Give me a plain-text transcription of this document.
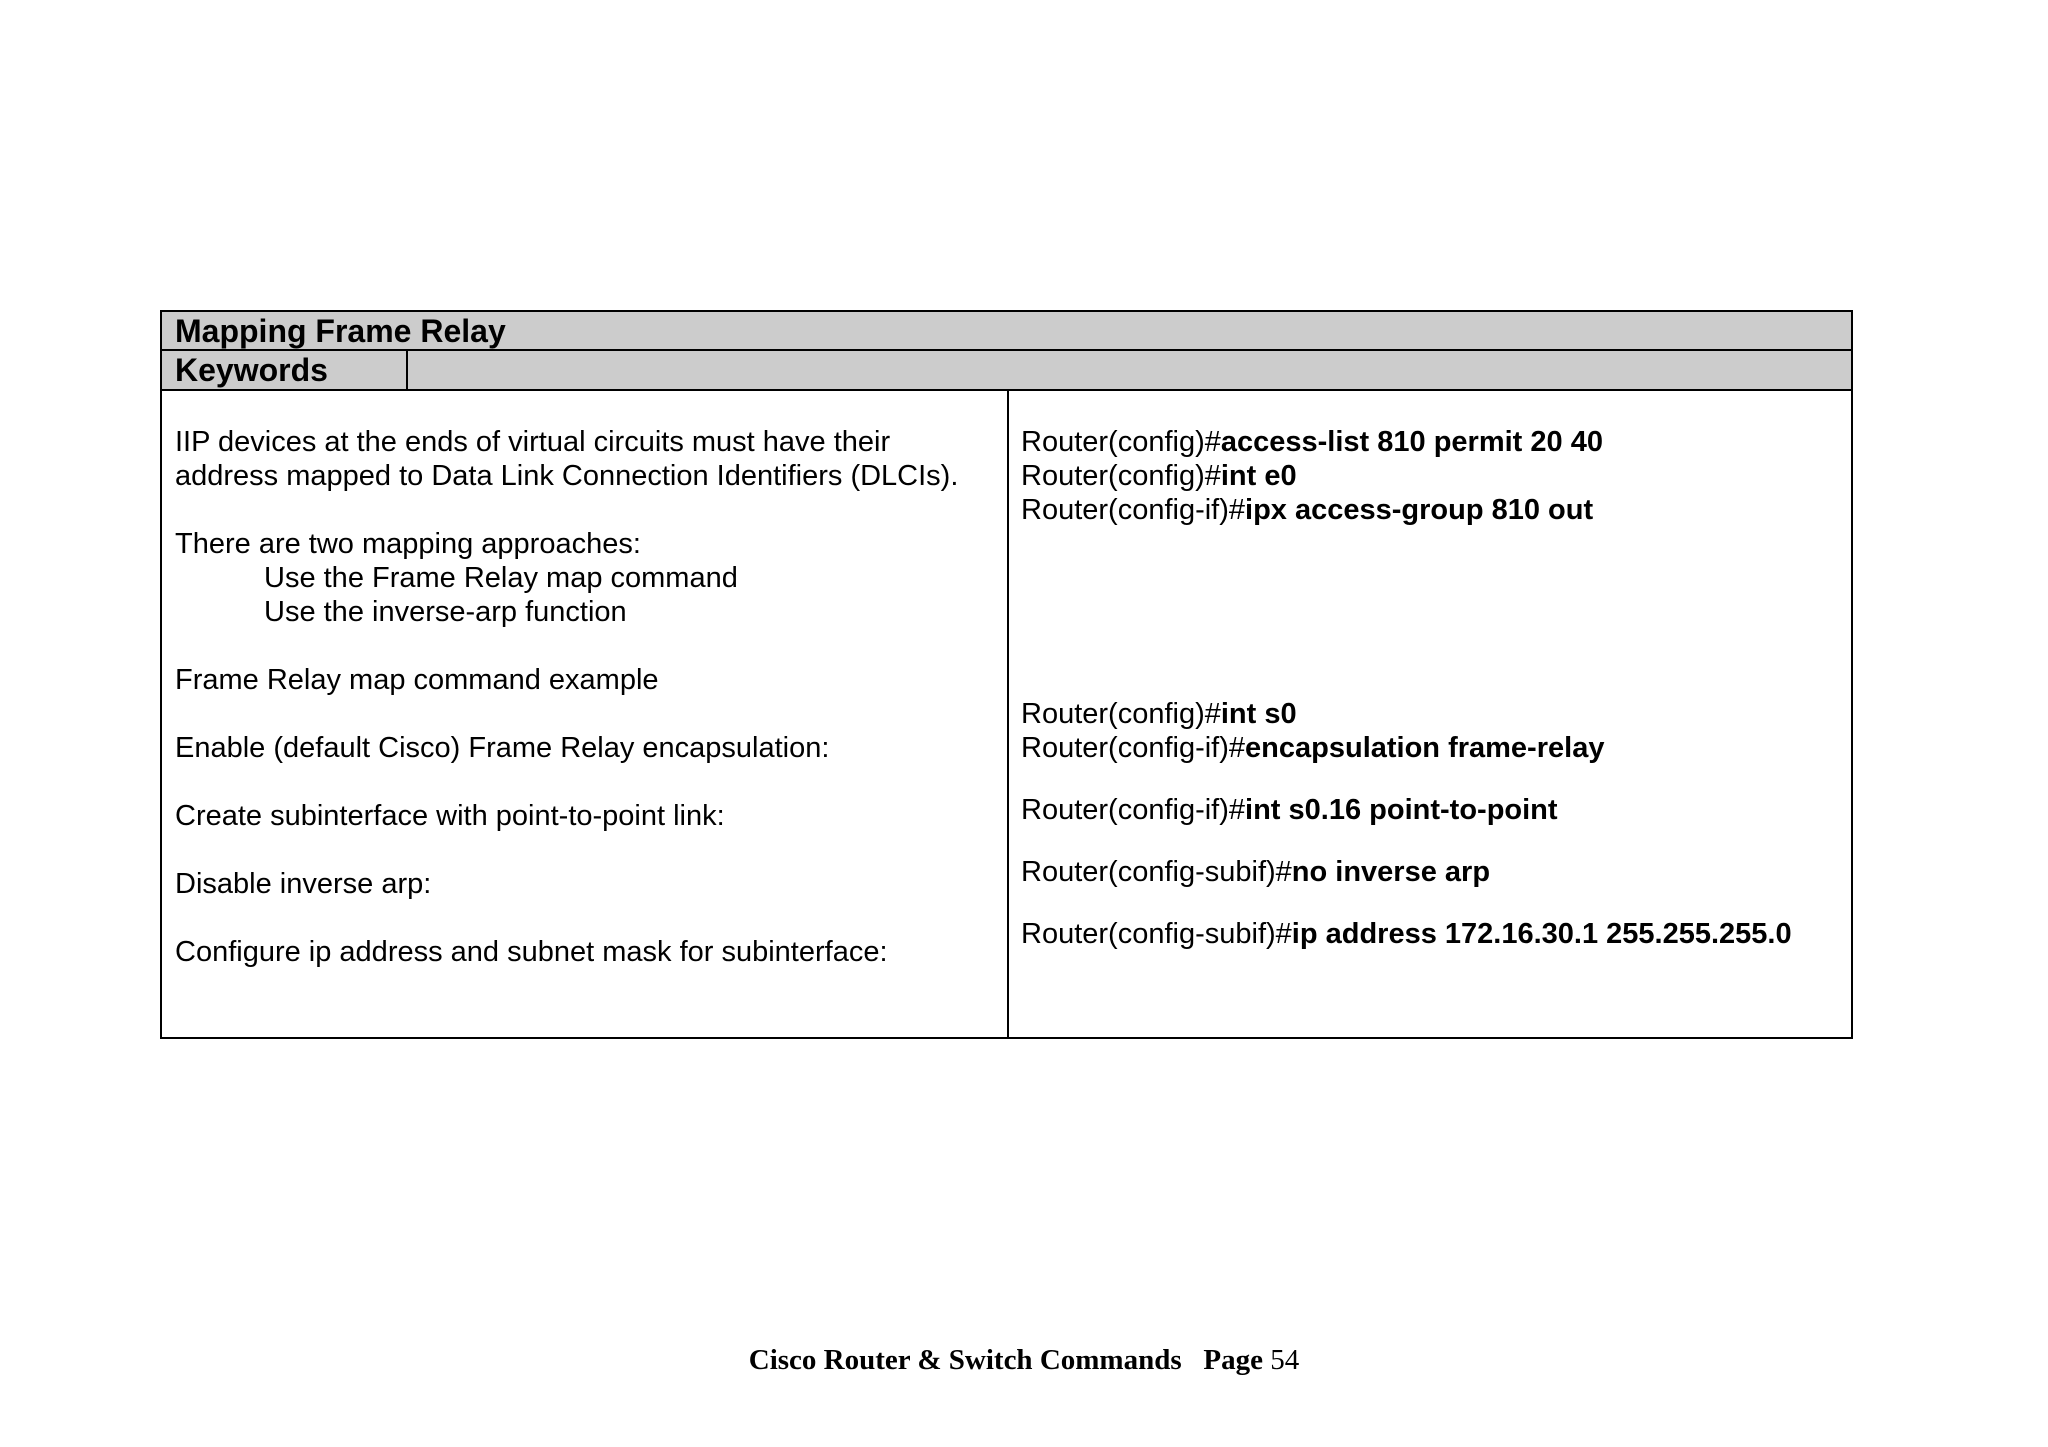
Mapping Frame Relay
Keywords
IIP devices at the ends of virtual circuits must have their
address mapped to Data Link Connection Identifiers (DLCIs).
There are two mapping approaches:
Use the Frame Relay map command
Use the inverse-arp function
Frame Relay map command example
Enable (default Cisco) Frame Relay encapsulation:
Create subinterface with point-to-point link:
Disable inverse arp:
Configure ip address and subnet mask for subinterface:
Router(config)#access-list 810 permit 20 40
Router(config)#int e0
Router(config-if)#ipx access-group 810 out
Router(config)#int s0
Router(config-if)#encapsulation frame-relay
Router(config-if)#int s0.16 point-to-point
Router(config-subif)#no inverse arp
Router(config-subif)#ip address 172.16.30.1 255.255.255.0
Cisco Router & Switch Commands Page 54
